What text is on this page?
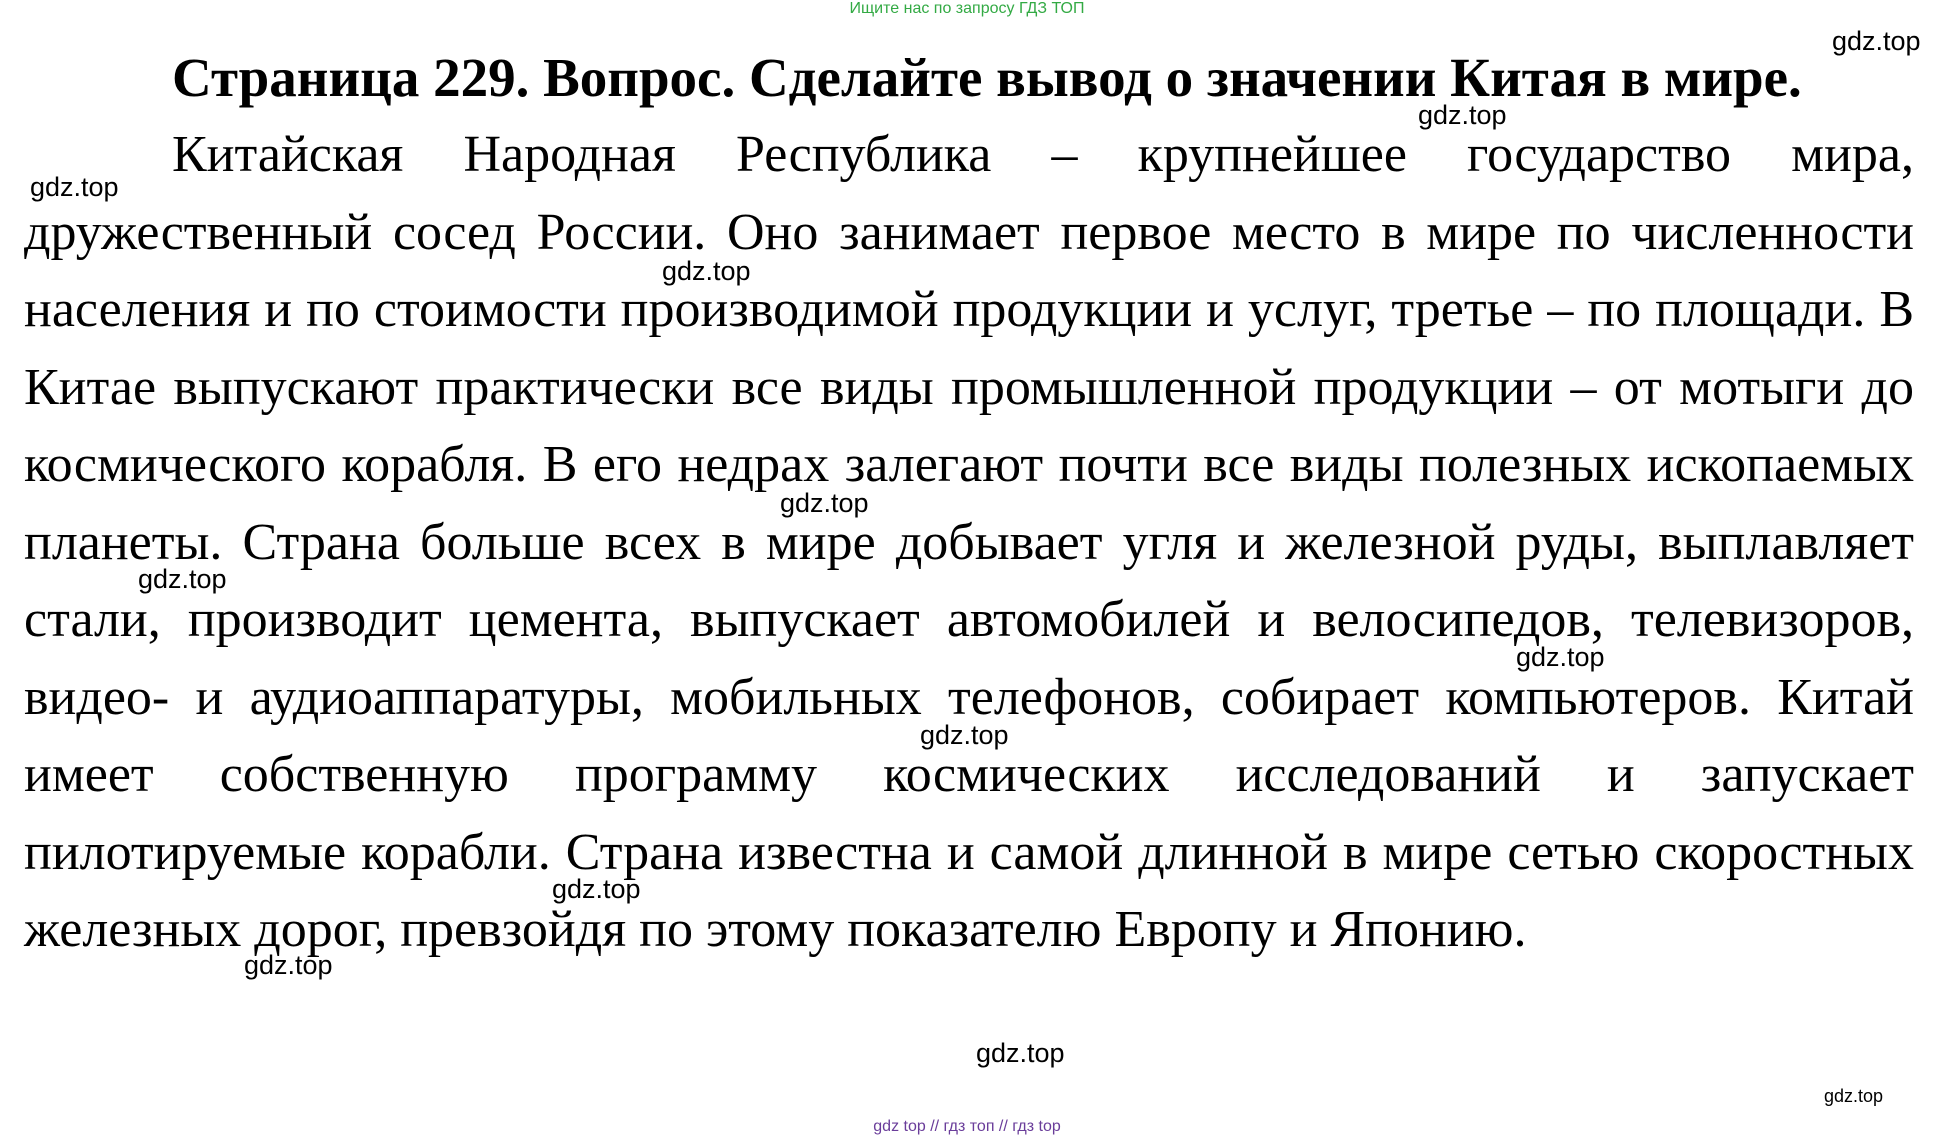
Ищите нас по запросу ГДЗ ТОП
Страница 229. Вопрос. Сделайте вывод о значении Китая в мире.
Китайская Народная Республика – крупнейшее государство мира, дружественный сосед России. Оно занимает первое место в мире по численности населения и по стоимости производимой продукции и услуг, третье – по площади. В Китае выпускают практически все виды промышленной продукции – от мотыги до космического корабля. В его недрах залегают почти все виды полезных ископаемых планеты. Страна больше всех в мире добывает угля и железной руды, выплавляет стали, производит цемента, выпускает автомобилей и велосипедов, телевизоров, видео- и аудиоаппаратуры, мобильных телефонов, собирает компьютеров. Китай имеет собственную программу космических исследований и запускает пилотируемые корабли. Страна известна и самой длинной в мире сетью скоростных железных дорог, превзойдя по этому показателю Европу и Японию.
gdz.top
gdz.top
gdz.top
gdz.top
gdz.top
gdz.top
gdz.top
gdz.top
gdz.top
gdz.top
gdz.top
gdz.top
gdz top // гдз топ // гдз top
